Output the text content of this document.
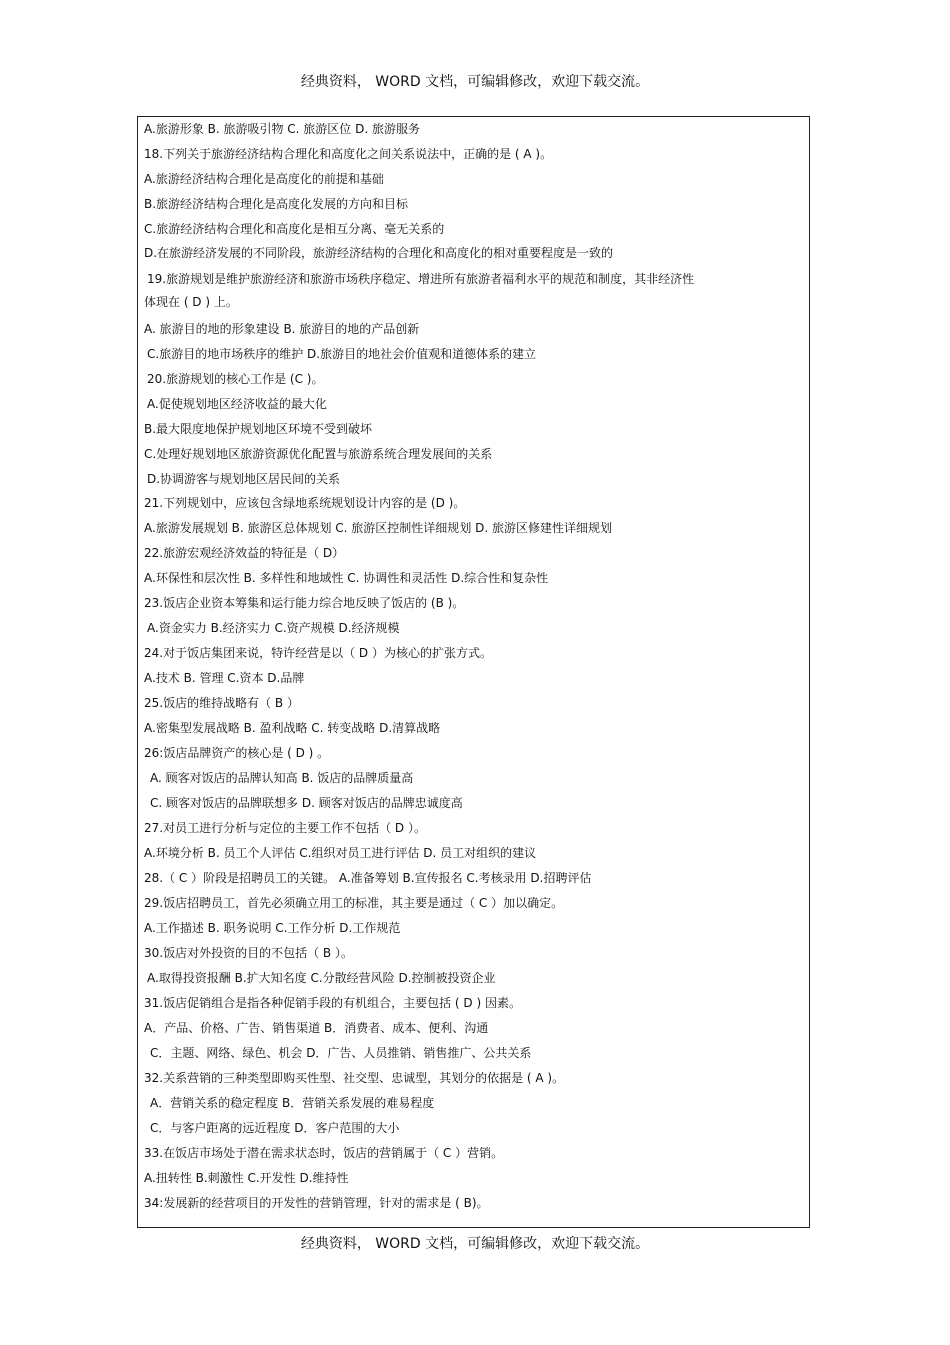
经典资料， WORD 文档，可编辑修改，欢迎下载交流。
A.旅游形象 B. 旅游吸引物 C. 旅游区位 D. 旅游服务
18.下列关于旅游经济结构合理化和高度化之间关系说法中，正确的是 ( A )。
A.旅游经济结构合理化是高度化的前提和基础
B.旅游经济结构合理化是高度化发展的方向和目标
C.旅游经济结构合理化和高度化是相互分离、毫无关系的
D.在旅游经济发展的不同阶段，旅游经济结构的合理化和高度化的相对重要程度是一致的
19.旅游规划是维护旅游经济和旅游市场秩序稳定、增进所有旅游者福利水平的规范和制度，其非经济性
体现在 ( D ) 上。
A. 旅游目的地的形象建设 B. 旅游目的地的产品创新
C.旅游目的地市场秩序的维护 D.旅游目的地社会价值观和道德体系的建立
20.旅游规划的核心工作是 (C )。
A.促使规划地区经济收益的最大化
B.最大限度地保护规划地区环境不受到破坏
C.处理好规划地区旅游资源优化配置与旅游系统合理发展间的关系
D.协调游客与规划地区居民间的关系
21.下列规划中，应该包含绿地系统规划设计内容的是 (D )。
A.旅游发展规划 B. 旅游区总体规划 C. 旅游区控制性详细规划 D. 旅游区修建性详细规划
22.旅游宏观经济效益的特征是（ D）
A.环保性和层次性 B. 多样性和地域性 C. 协调性和灵活性 D.综合性和复杂性
23.饭店企业资本筹集和运行能力综合地反映了饭店的 (B )。
A.资金实力 B.经济实力 C.资产规模 D.经济规模
24.对于饭店集团来说，特许经营是以（ D ）为核心的扩张方式。
A.技术 B. 管理 C.资本 D.品牌
25.饭店的维持战略有（ B ）
A.密集型发展战略 B. 盈利战略 C. 转变战略 D.清算战略
26:饭店品牌资产的核心是 ( D ) 。
A. 顾客对饭店的品牌认知高 B. 饭店的品牌质量高
C. 顾客对饭店的品牌联想多 D. 顾客对饭店的品牌忠诚度高
27.对员工进行分析与定位的主要工作不包括（ D ）。
A.环境分析 B. 员工个人评估 C.组织对员工进行评估 D. 员工对组织的建议
28.（ C ）阶段是招聘员工的关键。 A.准备筹划 B.宣传报名 C.考核录用 D.招聘评估
29.饭店招聘员工，首先必须确立用工的标准，其主要是通过（ C ）加以确定。
A.工作描述 B. 职务说明 C.工作分析 D.工作规范
30.饭店对外投资的目的不包括（ B ）。
A.取得投资报酬 B.扩大知名度 C.分散经营风险 D.控制被投资企业
31.饭店促销组合是指各种促销手段的有机组合，主要包括 ( D ) 因素。
A．产品、价格、广告、销售渠道 B．消费者、成本、便利、沟通
C．主题、网络、绿色、机会 D．广告、人员推销、销售推广、公共关系
32.关系营销的三种类型即购买性型、社交型、忠诚型，其划分的依据是 ( A )。
A．营销关系的稳定程度 B．营销关系发展的难易程度
C．与客户距离的远近程度 D．客户范围的大小
33.在饭店市场处于潜在需求状态时，饭店的营销属于（ C ）营销。
A.扭转性 B.刺激性 C.开发性 D.维持性
34:发展新的经营项目的开发性的营销管理，针对的需求是 ( B)。
经典资料， WORD 文档，可编辑修改，欢迎下载交流。
